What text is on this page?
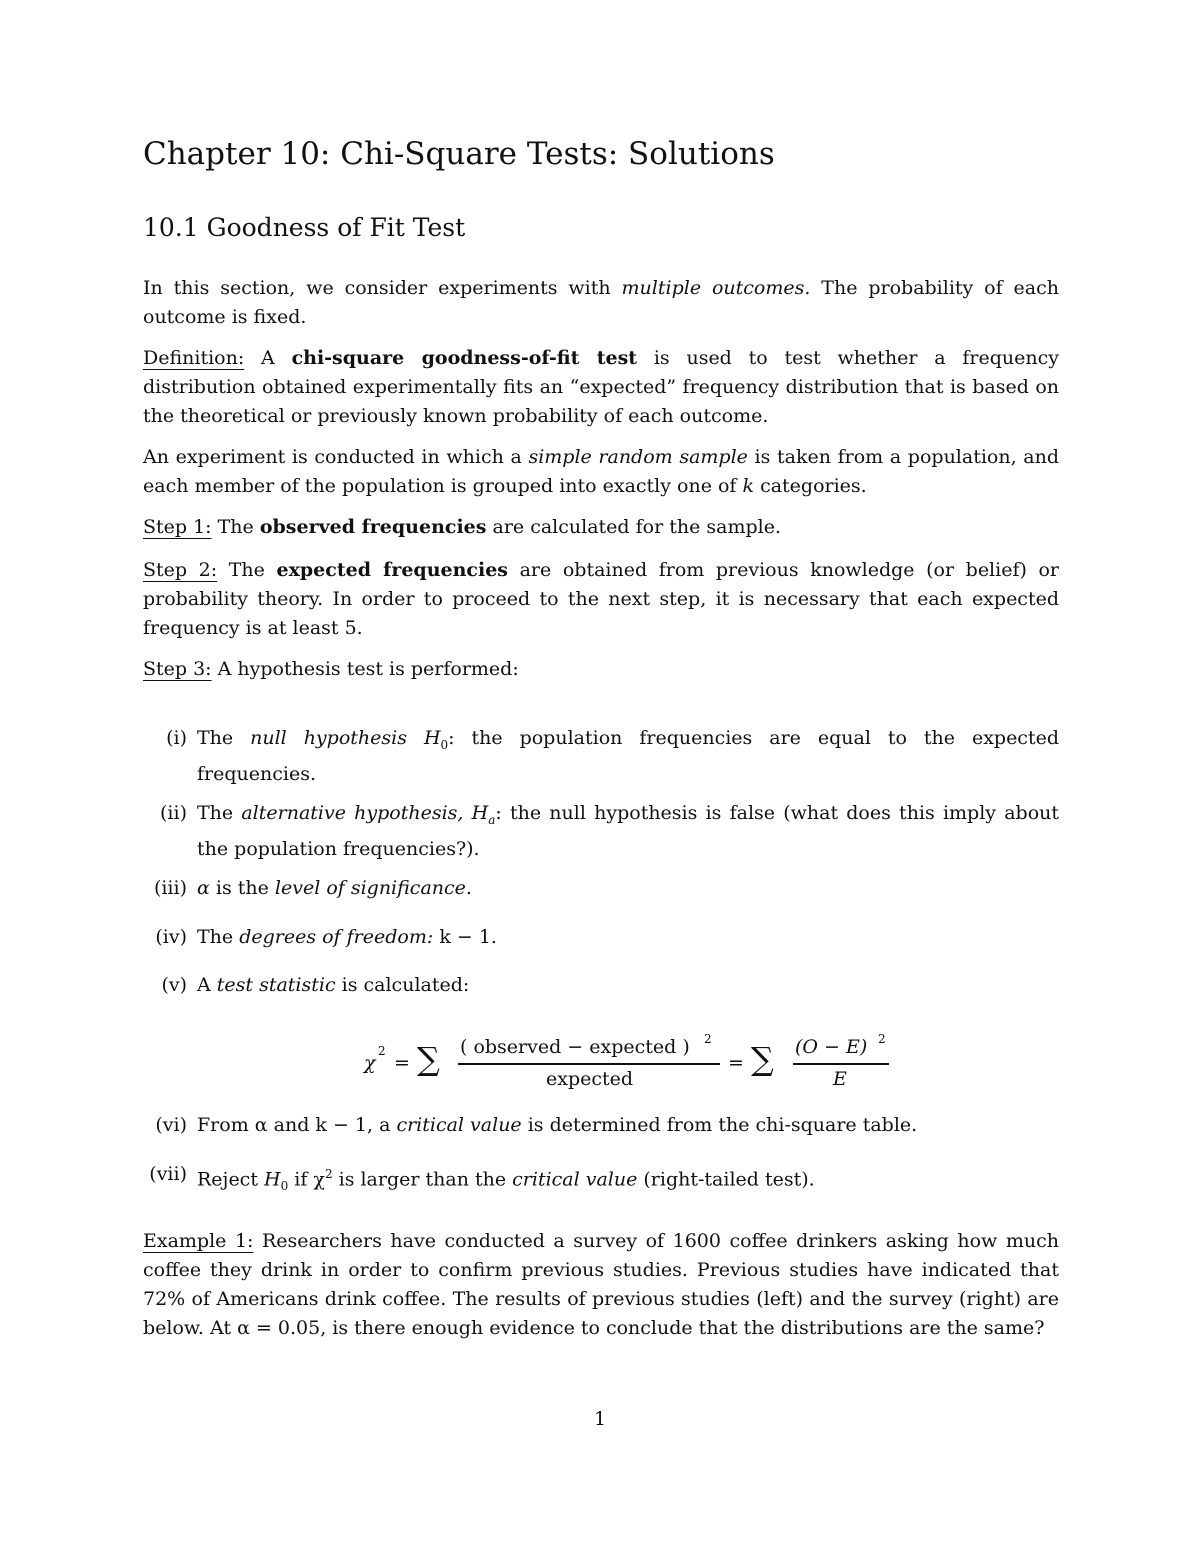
Chapter 10: Chi-Square Tests: Solutions
10.1 Goodness of Fit Test

In this section, we consider experiments with multiple outcomes. The probability of each outcome is fixed.

Definition: A chi-square goodness-of-fit test is used to test whether a frequency distribution obtained experimentally fits an “expected” frequency distribution that is based on the theoretical or previously known probability of each outcome.

An experiment is conducted in which a simple random sample is taken from a population, and each member of the population is grouped into exactly one of k categories.

Step 1: The observed frequencies are calculated for the sample.

Step 2: The expected frequencies are obtained from previous knowledge (or belief) or probability theory. In order to proceed to the next step, it is necessary that each expected frequency is at least 5.

Step 3: A hypothesis test is performed:

(i) The null hypothesis $H_0$: the population frequencies are equal to the expected frequencies.
(ii) The alternative hypothesis, $H_a$: the null hypothesis is false (what does this imply about the population frequencies?).
(iii) α is the level of significance.
(iv) The degrees of freedom: k − 1.
(v) A test statistic is calculated:
(vi) From α and k − 1, a critical value is determined from the chi-square table.
(vii) Reject $H_0$ if $\chi^2$ is larger than the critical value (right-tailed test).
χ
2
= ∑ ( observed − expected ) 2
expected
= ∑ (O − E) 2
E

Example 1: Researchers have conducted a survey of 1600 coffee drinkers asking how much coffee they drink in order to confirm previous studies. Previous studies have indicated that 72% of Americans drink coffee. The results of previous studies (left) and the survey (right) are below. At α = 0.05, is there enough evidence to conclude that the distributions are the same?

1
